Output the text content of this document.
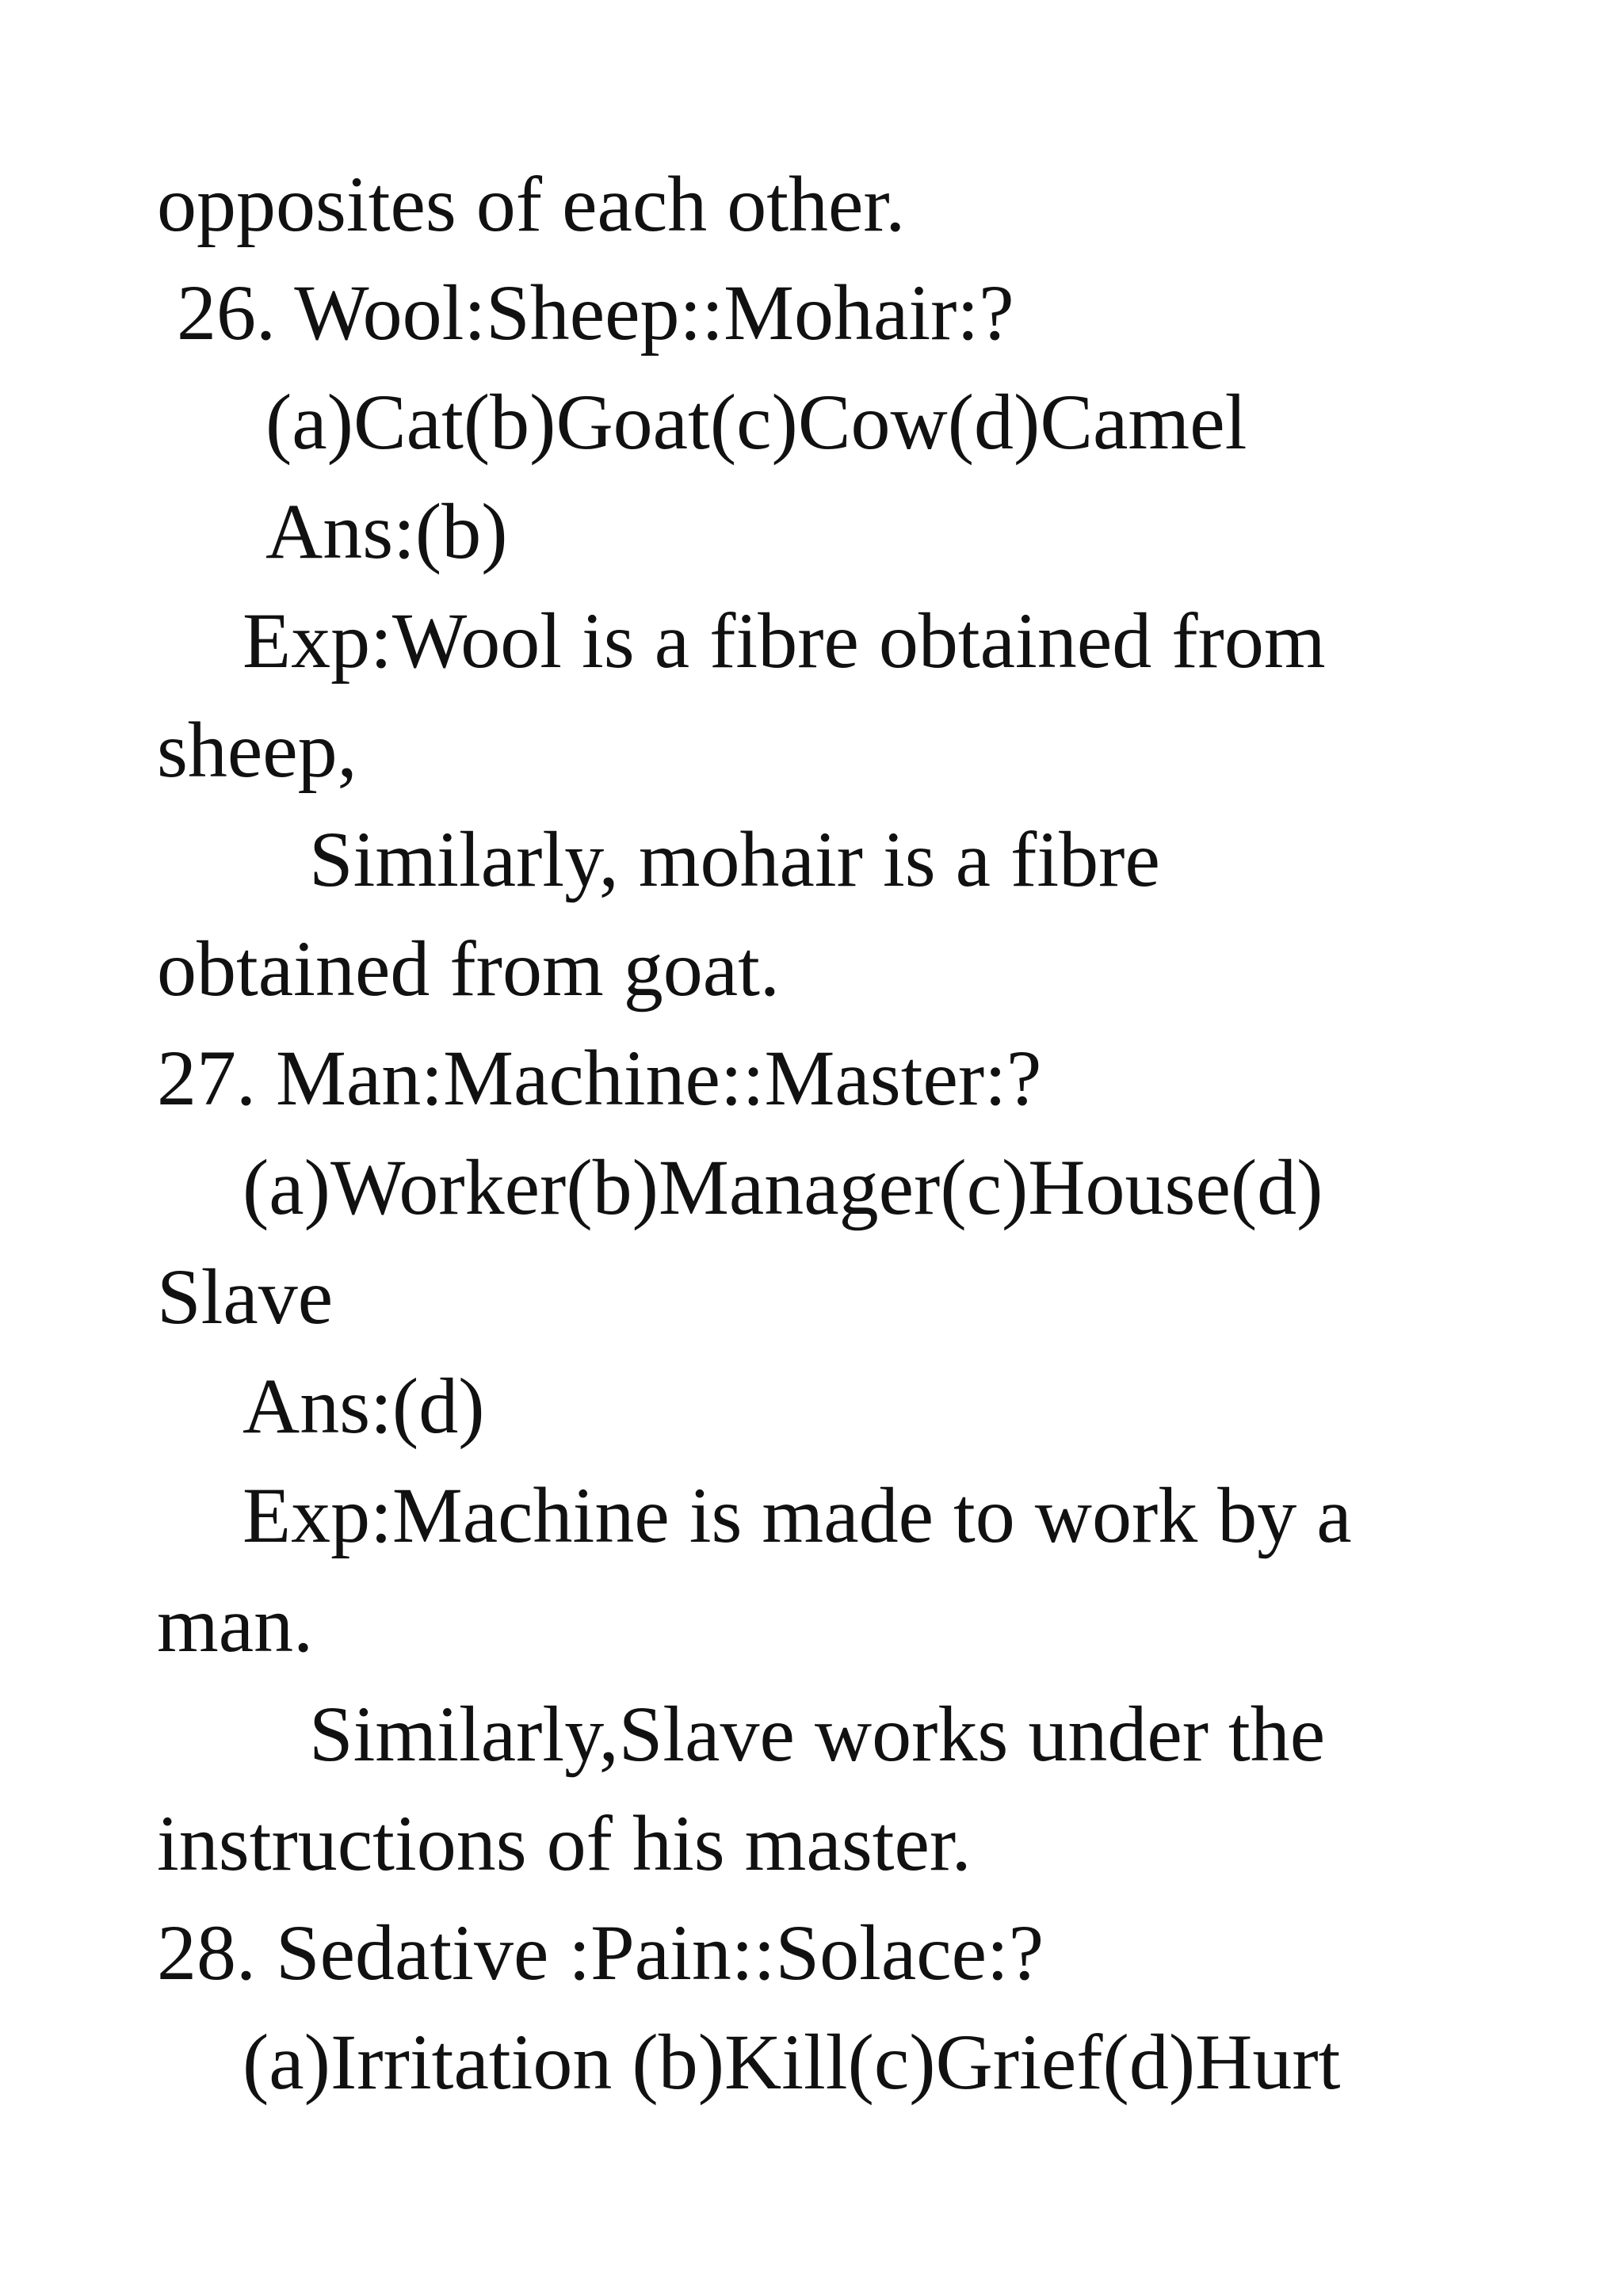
opposites of each other.
26. Wool:Sheep::Mohair:?
(a)Cat(b)Goat(c)Cow(d)Camel
Ans:(b)
Exp:Wool is a fibre obtained from
sheep,
Similarly, mohair is a fibre
obtained from goat.
27. Man:Machine::Master:?
(a)Worker(b)Manager(c)House(d)
Slave
Ans:(d)
Exp:Machine is made to work by a
man.
Similarly,Slave works under the
instructions of his master.
28. Sedative :Pain::Solace:?
(a)Irritation (b)Kill(c)Grief(d)Hurt
